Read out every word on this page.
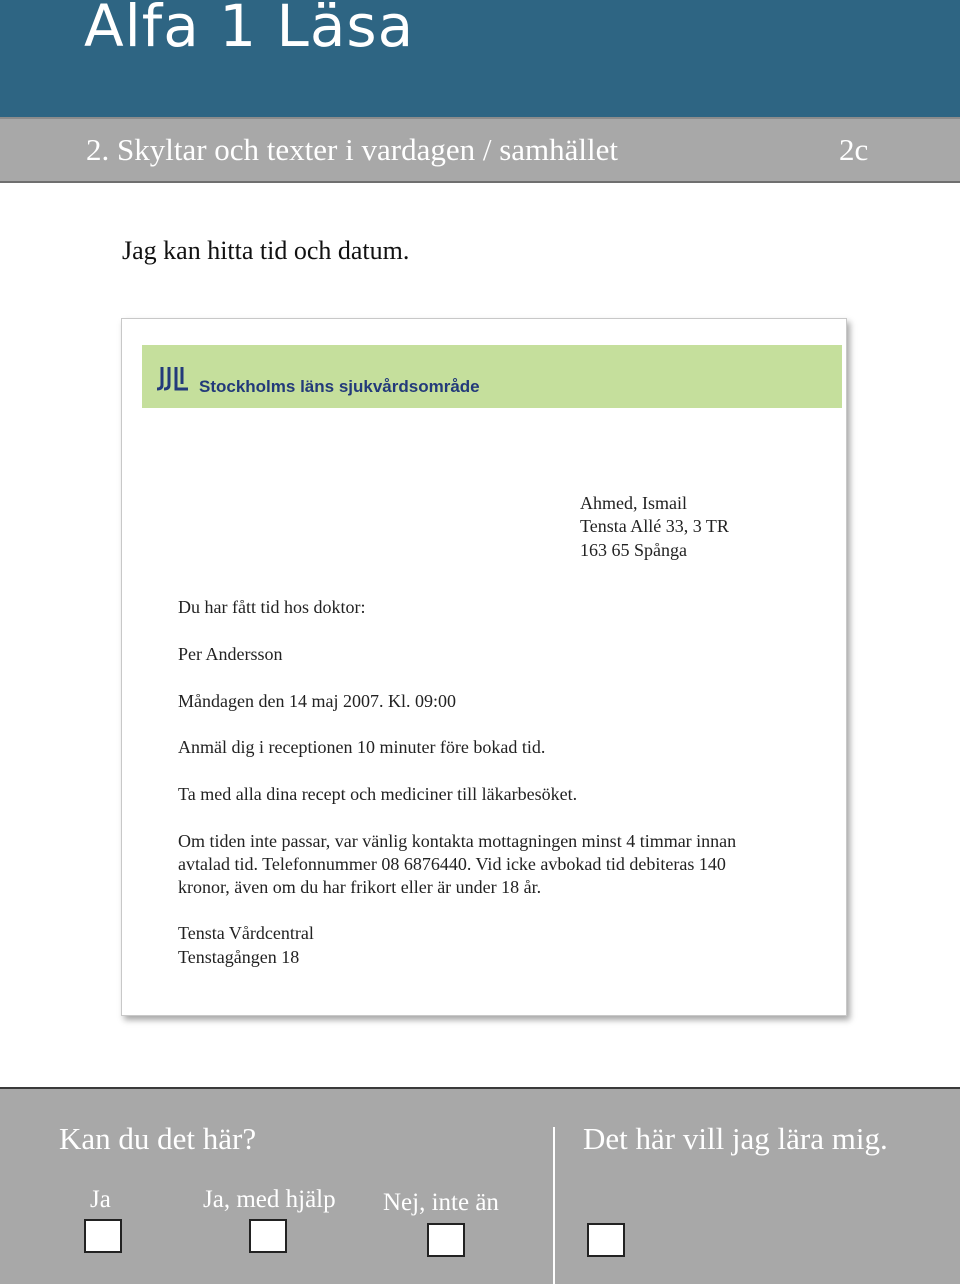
Alfa 1 Läsa
2. Skyltar och texter i vardagen / samhället	2c
Jag kan hitta tid och datum.
Stockholms läns sjukvårdsområde
Ahmed, Ismail
Tensta Allé 33, 3 TR
163 65 Spånga
Du har fått tid hos doktor:
Per Andersson
Måndagen den 14 maj 2007. Kl. 09:00
Anmäl dig i receptionen 10 minuter före bokad tid.
Ta med alla dina recept och mediciner till läkarbesöket.
Om tiden inte passar, var vänlig kontakta mottagningen minst 4 timmar innan
avtalad tid. Telefonnummer 08 6876440. Vid icke avbokad tid debiteras 140
kronor, även om du har frikort eller är under 18 år.
Tensta Vårdcentral
Tenstagången 18
Kan du det här?	Det här vill jag lära mig.
Ja	Ja, med hjälp Nej, inte än
